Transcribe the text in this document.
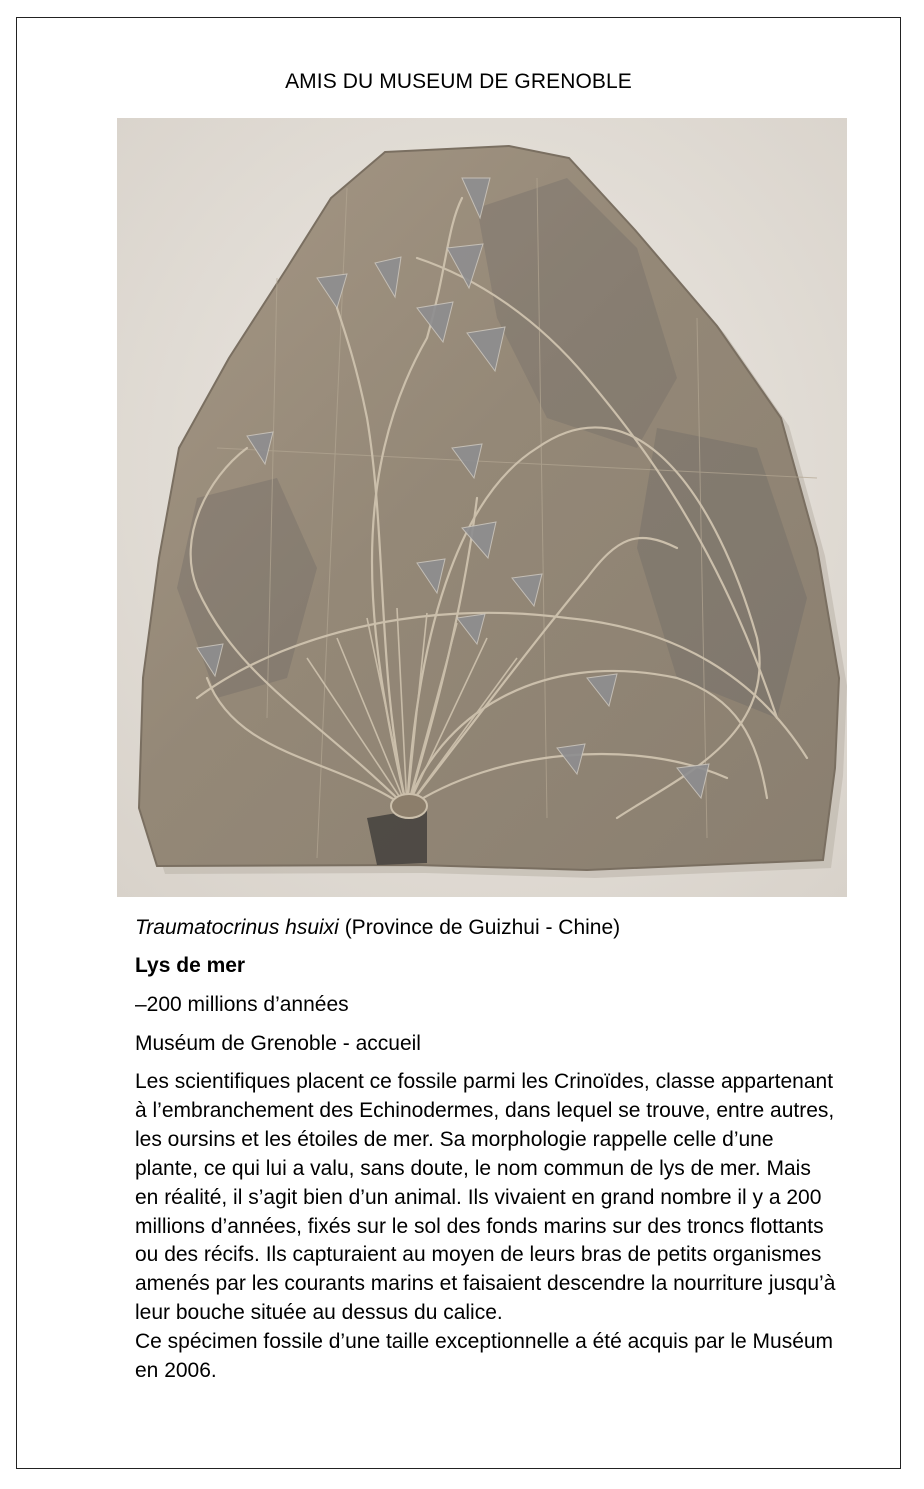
AMIS DU MUSEUM DE GRENOBLE
Traumatocrinus hsuixi (Province de Guizhui - Chine)
Lys de mer
–200 millions d’années
Muséum de Grenoble - accueil

Les scientifiques placent ce fossile parmi les Crinoïdes, classe appartenant à l’embranchement des Echinodermes, dans lequel se trouve, entre autres, les oursins et les étoiles de mer. Sa morphologie rappelle celle d’une plante, ce qui lui a valu, sans doute, le nom commun de lys de mer. Mais en réalité, il s’agit bien d’un animal. Ils vivaient en grand nombre il y a 200 millions d’années, fixés sur le sol des fonds marins sur des troncs flottants ou des récifs. Ils capturaient au moyen de leurs bras de petits organismes amenés par les courants marins et faisaient descendre la nourriture jusqu’à leur bouche située au dessus du calice.

Ce spécimen fossile d’une taille exceptionnelle a été acquis par le Muséum en 2006.
